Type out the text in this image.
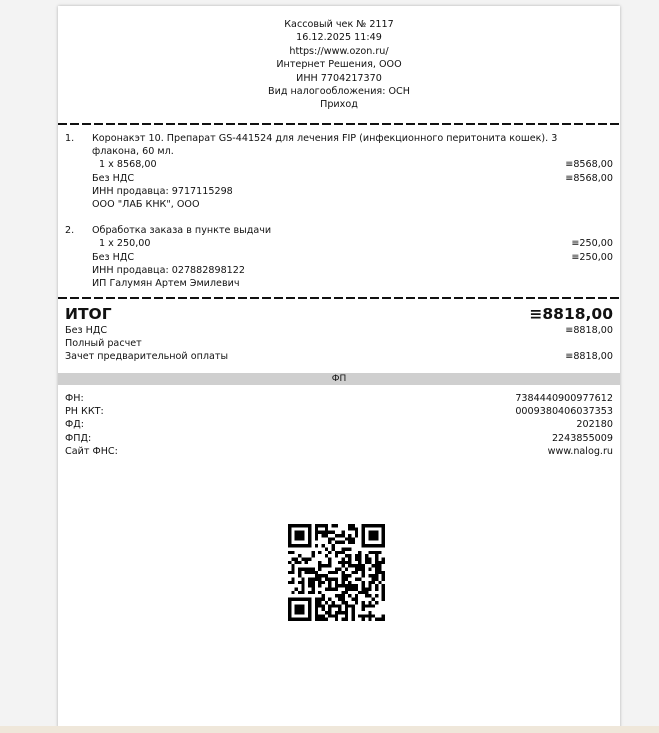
Кассовый чек № 2117
16.12.2025 11:49
https://www.ozon.ru/
Интернет Решения, ООО
ИНН 7704217370
Вид налогообложения: ОСН
Приход
1. Коронакэт 10. Препарат GS-441524 для лечения FIP (инфекционного перитонита кошек). 3
флакона, 60 мл.
1 x 8568,00	≡8568,00
Без НДС	≡8568,00
ИНН продавца: 9717115298
ООО "ЛАБ КНК", ООО
2. Обработка заказа в пункте выдачи
1 x 250,00	≡250,00
Без НДС	≡250,00
ИНН продавца: 027882898122
ИП Галумян Артем Эмилевич
ИТОГ	≡8818,00
Без НДС	≡8818,00
Полный расчет
Зачет предварительной оплаты	≡8818,00
ФП
ФН:	7384440900977612
РН ККТ:	0009380406037353
ФД:	202180
ФПД:	2243855009
Сайт ФНС:	www.nalog.ru
